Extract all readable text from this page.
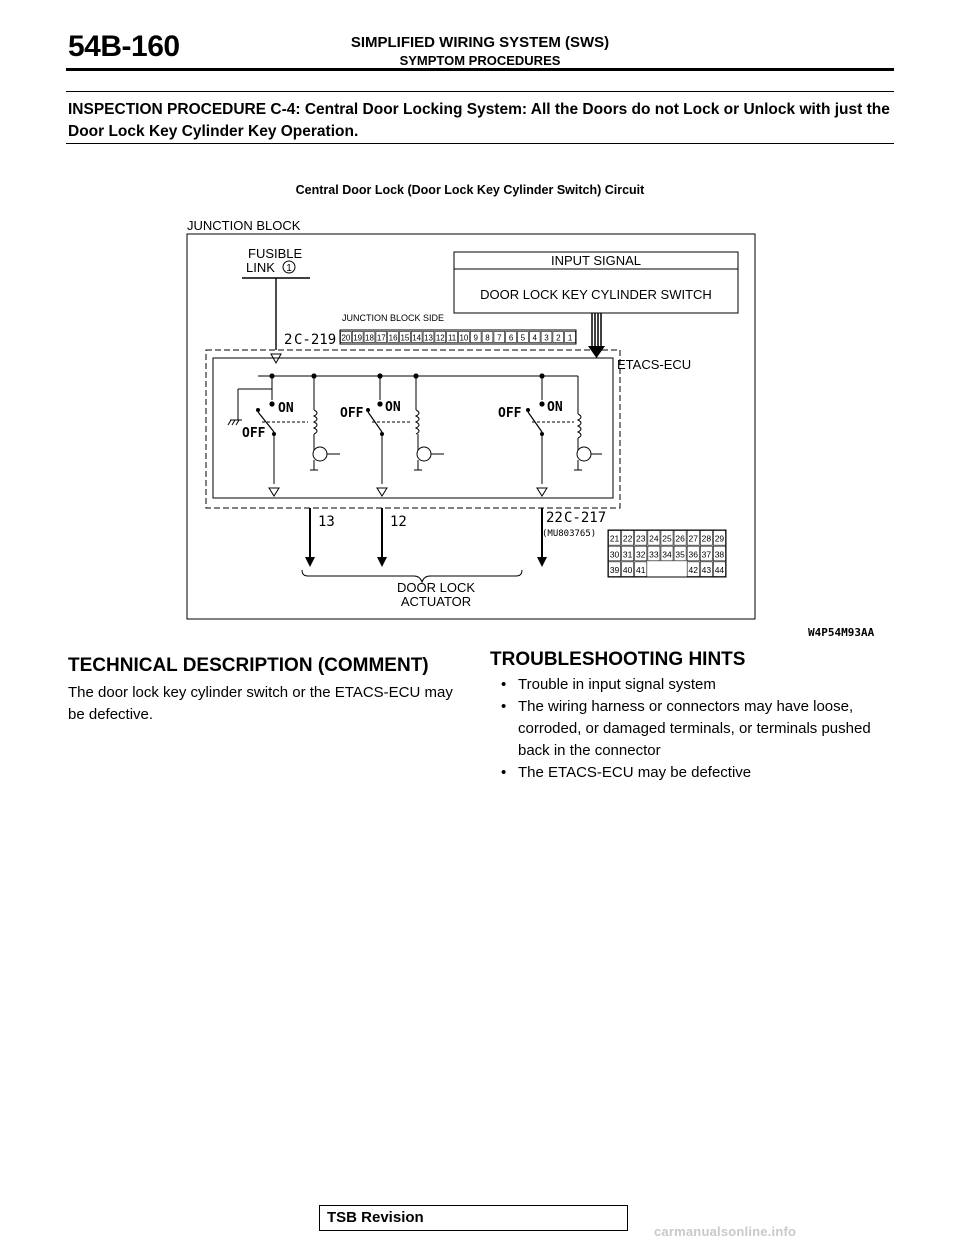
54B-160	SIMPLIFIED WIRING SYSTEM (SWS)
SYMPTOM PROCEDURES
INSPECTION PROCEDURE C-4: Central Door Locking System: All the Doors do not Lock or Unlock with just the Door Lock Key Cylinder Key Operation.
Central Door Lock (Door Lock Key Cylinder Switch) Circuit
JUNCTION BLOCK
FUSIBLE
LINK 1
2
INPUT SIGNAL
DOOR LOCK KEY CYLINDER SWITCH
JUNCTION BLOCK SIDE
C-219 20 19 18 17 16 15 14 13 12 11 10 9 8 7 6 5 4 3 2 1
ETACS-ECU
ON
OFF
OFF ON	OFF ON
13	12	22 C-217
(MU803765)
DOOR LOCK
ACTUATOR
21 22 23 24 25 26 27 28 29
30 31 32 33 34 35 36 37 38
39 40 41	42 43 44
W4P54M93AA
TECHNICAL DESCRIPTION (COMMENT)
The door lock key cylinder switch or the ETACS-ECU may be defective.
TROUBLESHOOTING HINTS
• Trouble in input signal system
• The wiring harness or connectors may have loose, corroded, or damaged terminals, or terminals pushed back in the connector
• The ETACS-ECU may be defective
TSB Revision
carmanualsonline.info
